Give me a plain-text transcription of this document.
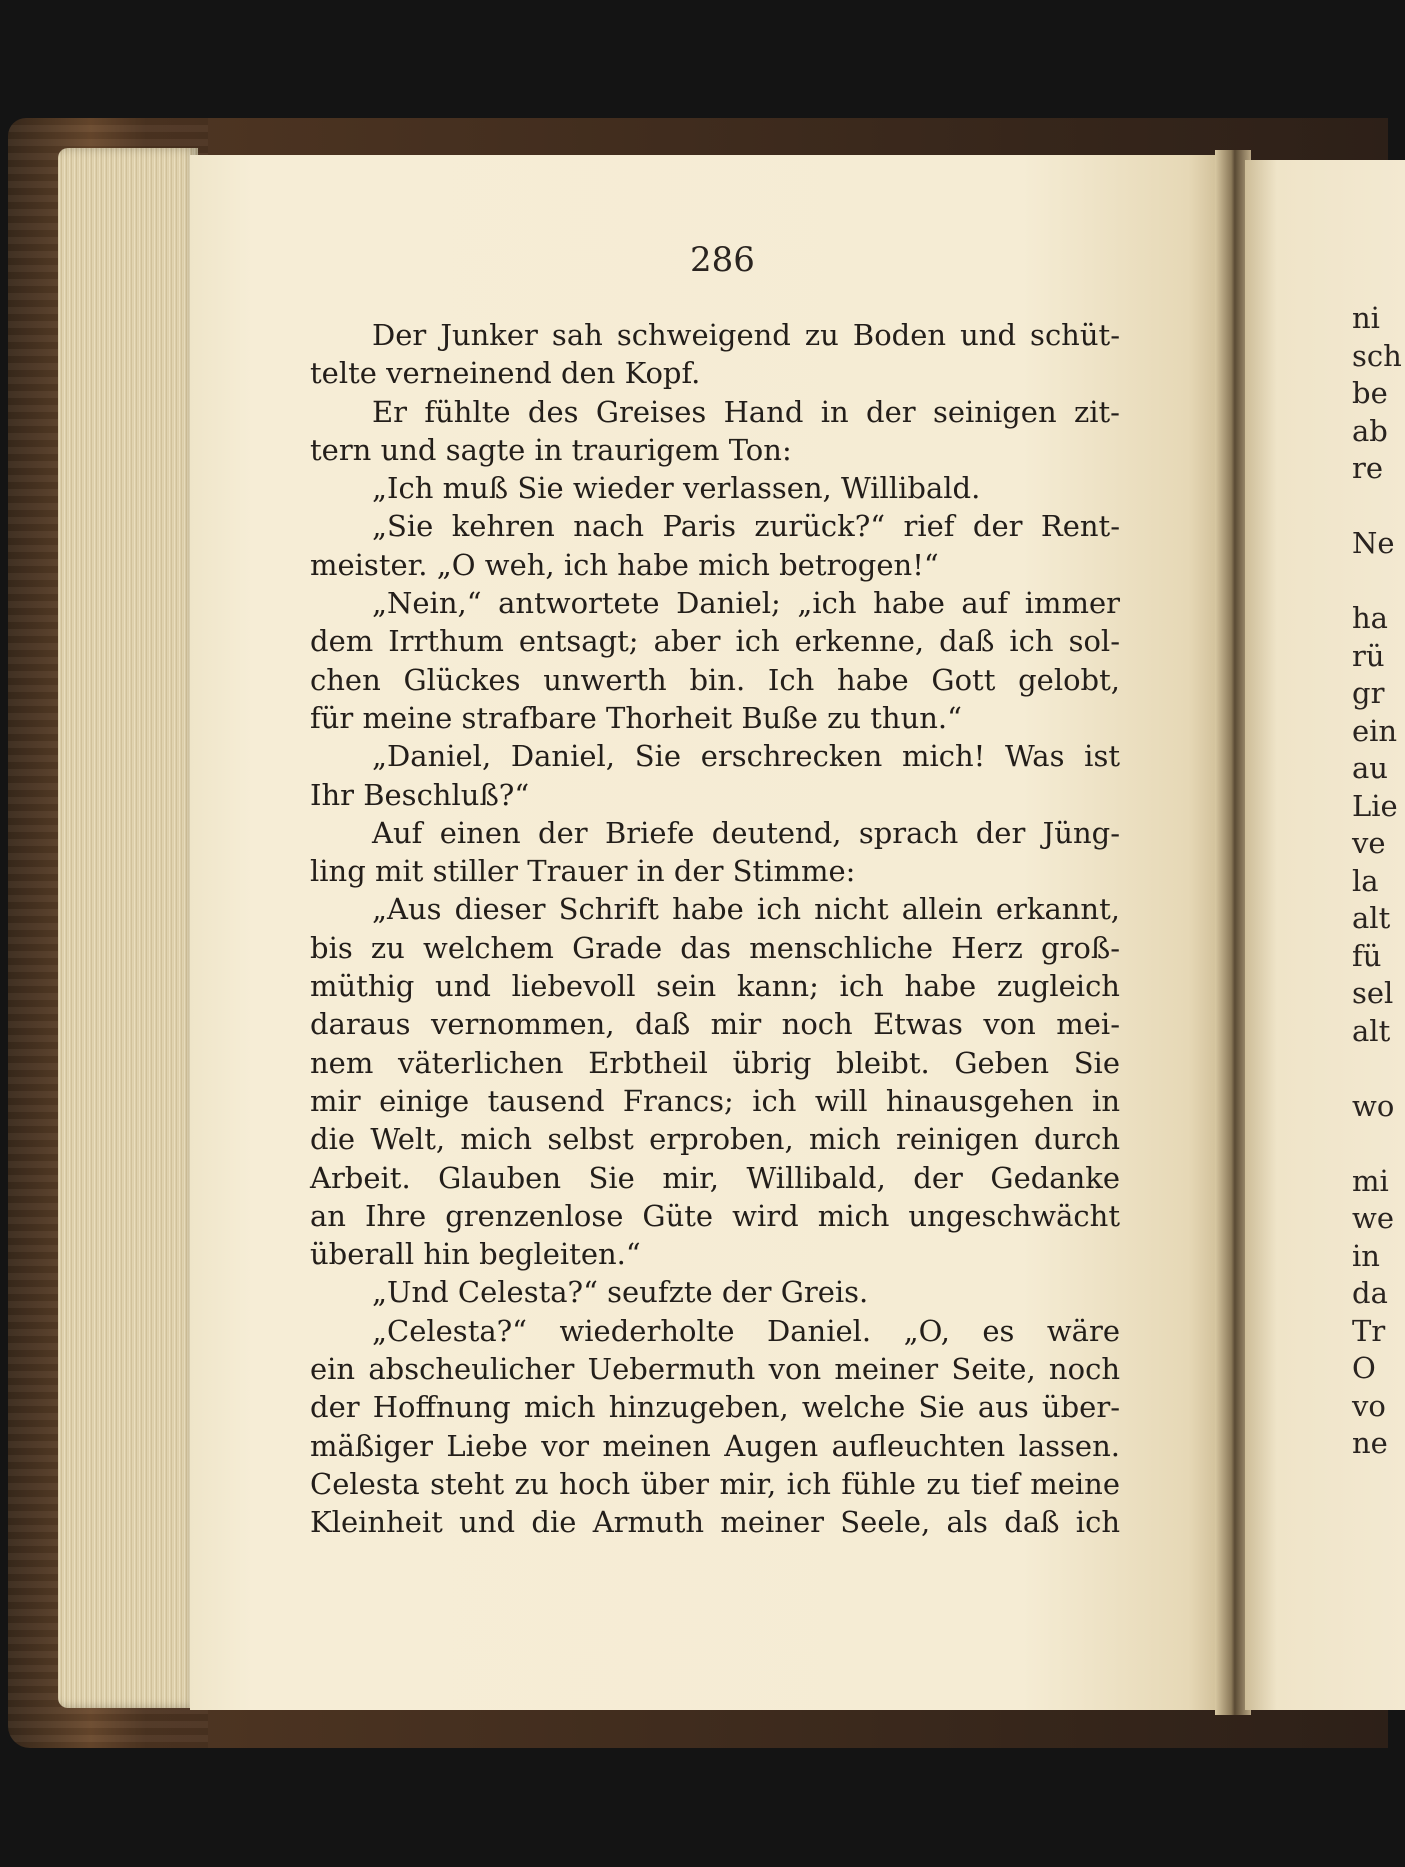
286
Der Junker sah schweigend zu Boden und schüt-
telte verneinend den Kopf.
Er fühlte des Greises Hand in der seinigen zit-
tern und sagte in traurigem Ton:
„Ich muß Sie wieder verlassen, Willibald.
„Sie kehren nach Paris zurück?“ rief der Rent-
meister. „O weh, ich habe mich betrogen!“
„Nein,“ antwortete Daniel; „ich habe auf immer
dem Irrthum entsagt; aber ich erkenne, daß ich sol-
chen Glückes unwerth bin. Ich habe Gott gelobt,
für meine strafbare Thorheit Buße zu thun.“
„Daniel, Daniel, Sie erschrecken mich! Was ist
Ihr Beschluß?“
Auf einen der Briefe deutend, sprach der Jüng-
ling mit stiller Trauer in der Stimme:
„Aus dieser Schrift habe ich nicht allein erkannt,
bis zu welchem Grade das menschliche Herz groß-
müthig und liebevoll sein kann; ich habe zugleich
daraus vernommen, daß mir noch Etwas von mei-
nem väterlichen Erbtheil übrig bleibt. Geben Sie
mir einige tausend Francs; ich will hinausgehen in
die Welt, mich selbst erproben, mich reinigen durch
Arbeit. Glauben Sie mir, Willibald, der Gedanke
an Ihre grenzenlose Güte wird mich ungeschwächt
überall hin begleiten.“
„Und Celesta?“ seufzte der Greis.
„Celesta?“ wiederholte Daniel. „O, es wäre
ein abscheulicher Uebermuth von meiner Seite, noch
der Hoffnung mich hinzugeben, welche Sie aus über-
mäßiger Liebe vor meinen Augen aufleuchten lassen.
Celesta steht zu hoch über mir, ich fühle zu tief meine
Kleinheit und die Armuth meiner Seele, als daß ich
ni
sch
be
ab
re
Ne
ha
rü
gr
ein
au
Lie
ve
la
alt
fü
sel
alt
wo
mi
we
in
da
Tr
O
vo
ne
